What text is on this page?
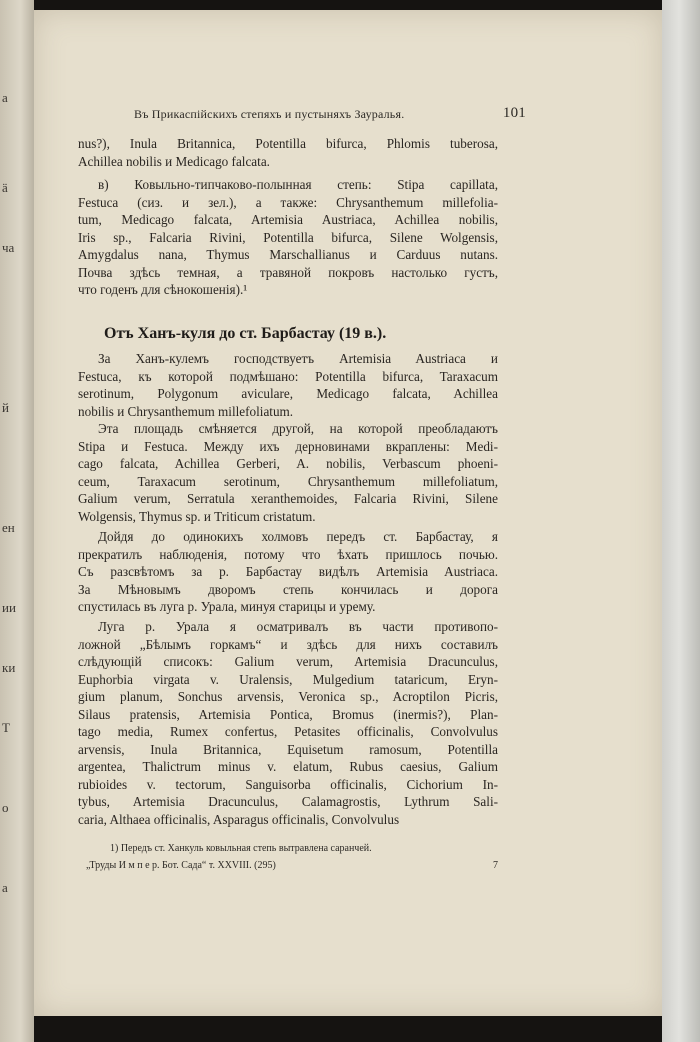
a
ä
ча
й
ен
ии
ки
T
о
а
Въ Прикаспійскихъ степяхъ и пустыняхъ Зауралья.	101
nus?), Inula Britannica, Potentilla bifurca, Phlomis tuberosa,
Achillea nobilis и Medicago falcata.
в) Ковыльно-типчаково-полынная степь: Stipa capillata,
Festuca (сиз. и зел.), а также: Chrysanthemum millefolia-
tum, Medicago falcata, Artemisia Austriaca, Achillea nobilis,
Iris sp., Falcaria Rivini, Potentilla bifurca, Silene Wolgensis,
Amygdalus nana, Thymus Marschallianus и Carduus nutans.
Почва здѣсь темная, а травяной покровъ настолько густъ,
что годенъ для сѣнокошенія).¹
Отъ Ханъ-куля до ст. Барбастау (19 в.).
За Ханъ-кулемъ господствуетъ Artemisia Austriaca и
Festuca, къ которой подмѣшано: Potentilla bifurca, Taraxacum
serotinum, Polygonum aviculare, Medicago falcata, Achillea
nobilis и Chrysanthemum millefoliatum.
Эта площадь смѣняется другой, на которой преобладаютъ
Stipa и Festuca. Между ихъ дерновинами вкраплены: Medi-
cago falcata, Achillea Gerberi, A. nobilis, Verbascum phoeni-
ceum, Taraxacum serotinum, Chrysanthemum millefoliatum,
Galium verum, Serratula xeranthemoides, Falcaria Rivini, Silene
Wolgensis, Thymus sp. и Triticum cristatum.
Дойдя до одинокихъ холмовъ передъ ст. Барбастау, я
прекратилъ наблюденія, потому что ѣхать пришлось почью.
Съ разсвѣтомъ за р. Барбастау видѣлъ Artemisia Austriaca.
За Мѣновымъ дворомъ степь кончилась и дорога
спустилась въ луга р. Урала, минуя старицы и урему.
Луга р. Урала я осматривалъ въ части противопо-
ложной „Бѣлымъ горкамъ“ и здѣсь для нихъ составилъ
слѣдующій списокъ: Galium verum, Artemisia Dracunculus,
Euphorbia virgata v. Uralensis, Mulgedium tataricum, Eryn-
gium planum, Sonchus arvensis, Veronica sp., Acroptilon Picris,
Silaus pratensis, Artemisia Pontica, Bromus (inermis?), Plan-
tago media, Rumex confertus, Petasites officinalis, Convolvulus
arvensis, Inula Britannica, Equisetum ramosum, Potentilla
argentea, Thalictrum minus v. elatum, Rubus caesius, Galium
rubioides v. tectorum, Sanguisorba officinalis, Cichorium In-
tybus, Artemisia Dracunculus, Calamagrostis, Lythrum Sali-
caria, Althaea officinalis, Asparagus officinalis, Convolvulus
1) Передъ ст. Ханкуль ковыльная степь вытравлена саранчей.
„Труды И м п е р. Бот. Сада“ т. XXVIII. (295)	7
